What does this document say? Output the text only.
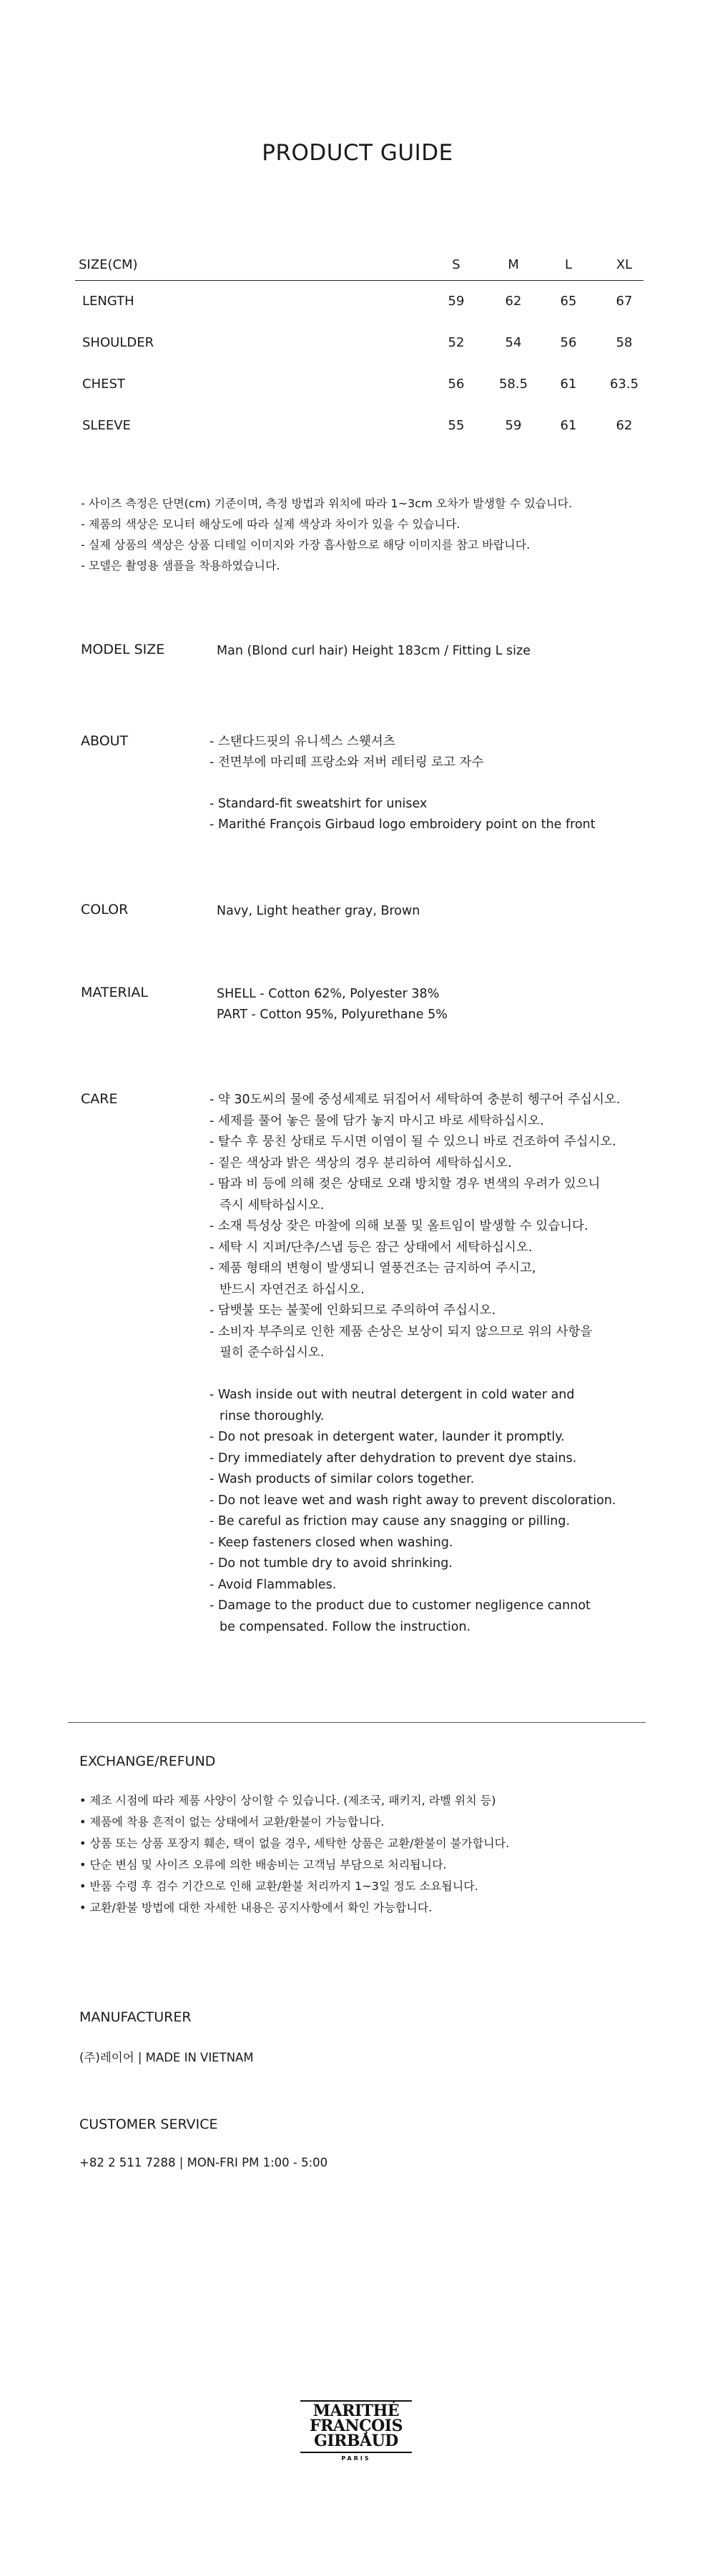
PRODUCT GUIDE
SIZE(CM)	S	M	L	XL
LENGTH	59	62	65	67
SHOULDER	52	54	56	58
CHEST	56	58.5	61	63.5
SLEEVE	55	59	61	62
- 사이즈 측정은 단면(cm) 기준이며, 측정 방법과 위치에 따라 1~3cm 오차가 발생할 수 있습니다.
- 제품의 색상은 모니터 해상도에 따라 실제 색상과 차이가 있을 수 있습니다.
- 실제 상품의 색상은 상품 디테일 이미지와 가장 흡사함으로 해당 이미지를 참고 바랍니다.
- 모델은 촬영용 샘플을 착용하였습니다.
MODEL SIZE	Man (Blond curl hair) Height 183cm / Fitting L size
ABOUT	- 스탠다드핏의 유니섹스 스웻셔츠
- 전면부에 마리떼 프랑소와 저버 레터링 로고 자수
- Standard-fit sweatshirt for unisex
- Marithé François Girbaud logo embroidery point on the front
COLOR	Navy, Light heather gray, Brown
MATERIAL	SHELL - Cotton 62%, Polyester 38%
PART - Cotton 95%, Polyurethane 5%
CARE	- 약 30도씨의 물에 중성세제로 뒤집어서 세탁하여 충분히 헹구어 주십시오.
- 세제를 풀어 놓은 물에 담가 놓지 마시고 바로 세탁하십시오.
- 탈수 후 뭉친 상태로 두시면 이염이 될 수 있으니 바로 건조하여 주십시오.
- 짙은 색상과 밝은 색상의 경우 분리하여 세탁하십시오.
- 땀과 비 등에 의해 젖은 상태로 오래 방치할 경우 변색의 우려가 있으니
즉시 세탁하십시오.
- 소재 특성상 잦은 마찰에 의해 보풀 및 올트임이 발생할 수 있습니다.
- 세탁 시 지퍼/단추/스냅 등은 잠근 상태에서 세탁하십시오.
- 제품 형태의 변형이 발생되니 열풍건조는 금지하여 주시고,
반드시 자연건조 하십시오.
- 담뱃불 또는 불꽃에 인화되므로 주의하여 주십시오.
- 소비자 부주의로 인한 제품 손상은 보상이 되지 않으므로 위의 사항을
필히 준수하십시오.
- Wash inside out with neutral detergent in cold water and
rinse thoroughly.
- Do not presoak in detergent water, launder it promptly.
- Dry immediately after dehydration to prevent dye stains.
- Wash products of similar colors together.
- Do not leave wet and wash right away to prevent discoloration.
- Be careful as friction may cause any snagging or pilling.
- Keep fasteners closed when washing.
- Do not tumble dry to avoid shrinking.
- Avoid Flammables.
- Damage to the product due to customer negligence cannot
be compensated. Follow the instruction.
EXCHANGE/REFUND
• 제조 시점에 따라 제품 사양이 상이할 수 있습니다. (제조국, 패키지, 라벨 위치 등)
• 제품에 착용 흔적이 없는 상태에서 교환/환불이 가능합니다.
• 상품 또는 상품 포장지 훼손, 택이 없을 경우, 세탁한 상품은 교환/환불이 불가합니다.
• 단순 변심 및 사이즈 오류에 의한 배송비는 고객님 부담으로 처리됩니다.
• 반품 수령 후 검수 기간으로 인해 교환/환불 처리까지 1~3일 정도 소요됩니다.
• 교환/환불 방법에 대한 자세한 내용은 공지사항에서 확인 가능합니다.
MANUFACTURER
(주)레이어 | MADE IN VIETNAM
CUSTOMER SERVICE
+82 2 511 7288 | MON-FRI PM 1:00 - 5:00
MARITHÉ
FRANÇOIS
GIRBAUD
PARIS
